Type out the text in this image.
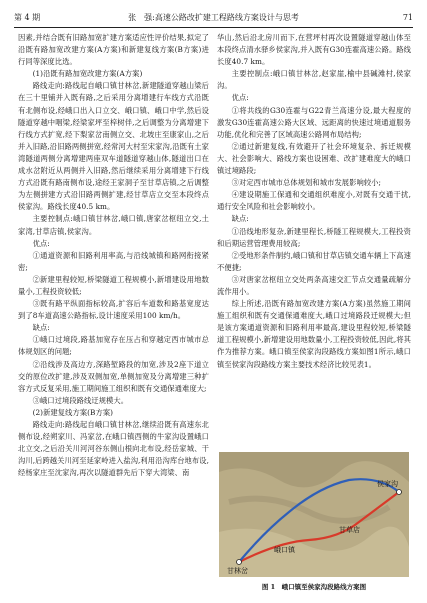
第 4 期	张　强:高速公路改扩建工程路线方案设计与思考	71

因素,并结合既有旧路加宽扩建方案适应性评价结果,拟定了沿既有路加宽改建方案(A方案)和新建复线方案(B方案)进行同等深度比选。

(1)沿既有路加宽改建方案(A方案)

路线走向:路线起自峨口镇甘林岔,新建隧道穿越山梁后在三十里铺并入既有路,之后采用分离增建行车线方式沿既有北侧布设,经峨口出入口立交、峨口镇、峨口中学,然后设隧道穿越中咽梁,经梁家坪至梓树伴,之后调整为分离增建下行线方式扩宽,经下梨家岔南侧立交、北坡庄至康家山,之后并入旧路,沿旧路两侧拼宽,经常河大村至宋家沟,沿既有土家湾隧道两侧分离增建两座双车道隧道穿越山体,隧道出口在成水岔附近从两侧并入旧路,然后继续采用分离增建下行线方式沿既有路南侧布设,途经王家洞子至甘草店镇,之后调整为左侧拼建方式沿旧路两侧扩建,经甘草店立交至本段终点侯家沟。路线长度40.5 km。

主要控制点:峨口镇甘林岔,峨口镇,唐家岔枢纽立交,土家湾,甘草店镇,侯家沟。

优点:

①通道资源和旧路利用率高,与沿线城镇和路网衔接紧密;

②新建里程较短,桥梁隧道工程规模小,新增建设用地数量小,工程投资较低;

③既有路平纵面指标较高,扩容后车道数和路基宽度达到了8车道高速公路指标,设计速度采用100 km/h。

缺点:

①峨口过境段,路基加宽存在压占和穿越定西市城市总体规划区的问题;

②沿线涉及高边方,深路堑路段的加宽,涉及2座下道立交的原位改扩建,涉及双侧加宽,单侧加宽及分离增建三种扩容方式反复采用,施工期间施工组织和既有交通保通难度大;

③峨口过境段路线迂规模大。

(2)新建复线方案(B方案)

路线走向:路线起自峨口镇甘林岔,继续沿既有高速东北侧布设,经朔家川、冯家岔,在峨口镇西侧的牛家沟设置峨口北立交,之后沿关川河河谷东侧山根向北布设,经岳家城、干沟川,后跨越关川河至延家岭进入盐沟,利用沿沟库台地布设,经杨家庄至沈家沟,再次以隧道群先后下穿大湾梁、南

华山,然后沿北房川而下,在营坪村再次设置隧道穿越山体至本段终点清水驿乡侯家沟,并入既有G30连霍高速公路。路线长度40.7 km。

主要控制点:峨口镇甘林岔,赵家崖,榆中县碱滩村,侯家沟。

优点:

①将共线的G30连霍与G22青兰高速分设,最大程度的激发G30连霍高速公路大区域、远距离的快速过境通道服务功能,优化和完善了区域高速公路网布局结构;

②通过新建复线,有效避开了社会环境复杂、拆迁规模大、社会影响大、路线方案也设困难、改扩建难度大的峨口镇过境路段;

③对定西市城市总体规划和城市发展影响较小;

④建设期施工保通和交通组织难度小,对既有交通干扰,通行安全风险和社会影响较小。

缺点:

①沿线地形复杂,新建里程长,桥隧工程规模大,工程投资和后期运营管理费用较高;

②受地形条件制约,峨口镇和甘草店镇交通车辆上下高速不便捷;

③对唐家岔枢纽立交处两条高速交汇节点交通量疏解分流作用小。

综上所述,沿既有路加宽改建方案(A方案)虽然施工期间施工组织和既有交通保通难度大,峨口过境路段迁规模大;但是该方案通道资源和旧路利用率最高,建设里程较短,桥梁隧道工程规模小,新增建设用地数量小,工程投资较低,因此,将其作为推荐方案。峨口镇至侯家沟段路线方案如图1所示,峨口镇至侯家沟段路线方案主要技术经济比较见表1。

侯家沟
甘草店
峨口镇
甘林岔
图 1　峨口镇至侯家沟段路线方案图
